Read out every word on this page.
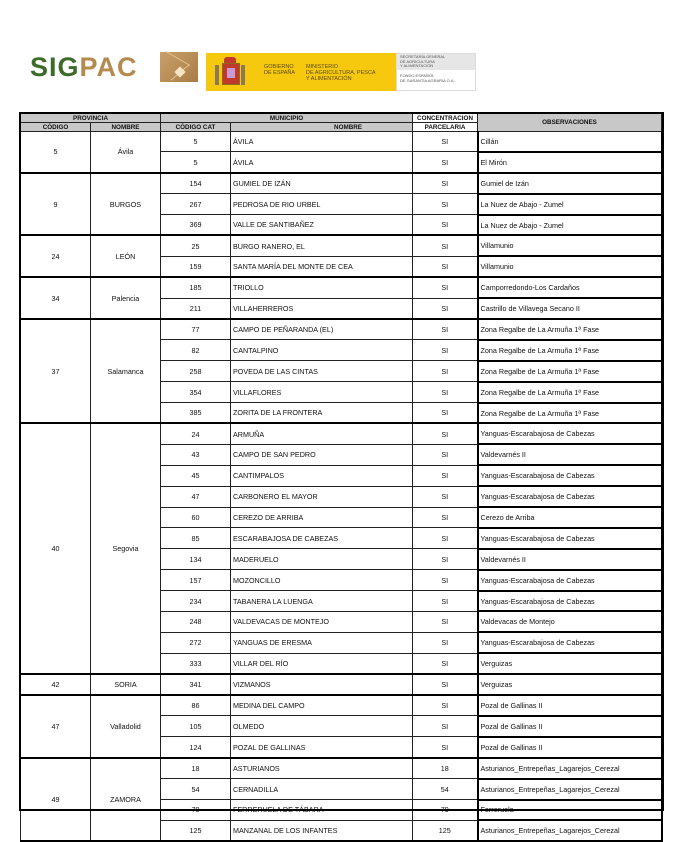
SIGPAC	GOBIERNO
DE ESPAÑA
MINISTERIO
DE AGRICULTURA, PESCA
Y ALIMENTACIÓN
SECRETARÍA GENERAL
DE AGRICULTURA
Y ALIMENTACIÓN
FONDO ESPAÑOL
DE GARANTÍA AGRARIA O.A.
PROVINCIA		MUNICIPIO		CONCENTRACION	OBSERVACIONES
CÓDIGO	NOMBRE	CÓDIGO CAT	NOMBRE	PARCELARIA	
5	Ávila	5	ÁVILA	SI	Cillán
		5	ÁVILA	SI	El Mirón
9	BURGOS	154	GUMIEL DE IZÁN	SI	Gumiel de Izán
		267	PEDROSA DE RIO URBEL	SI	La Nuez de Abajo - Zumel
		369	VALLE DE SANTIBAÑEZ	SI	La Nuez de Abajo - Zumel
24	LEÓN	25	BURGO RANERO, EL	SI	Villamunio
		159	SANTA MARÍA DEL MONTE DE CEA	SI	Villamunio
34	Palencia	185	TRIOLLO	SI	Camporredondo-Los Cardaños
		211	VILLAHERREROS	SI	Castrillo de Villavega Secano II
37	Salamanca	77	CAMPO DE PEÑARANDA (EL)	SI	Zona Regalbe de La Armuña 1ª Fase
		82	CANTALPINO	SI	Zona Regalbe de La Armuña 1ª Fase
		258	POVEDA DE LAS CINTAS	SI	Zona Regalbe de La Armuña 1ª Fase
		354	VILLAFLORES	SI	Zona Regalbe de La Armuña 1ª Fase
		385	ZORITA DE LA FRONTERA	SI	Zona Regalbe de La Armuña 1ª Fase
40	Segovia	24	ARMUÑA	SI	Yanguas-Escarabajosa de Cabezas
		43	CAMPO DE SAN PEDRO	SI	Valdevarnés II
		45	CANTIMPALOS	SI	Yanguas-Escarabajosa de Cabezas
		47	CARBONERO EL MAYOR	SI	Yanguas-Escarabajosa de Cabezas
		60	CEREZO DE ARRIBA	SI	Cerezo de Arriba
		85	ESCARABAJOSA DE CABEZAS	SI	Yanguas-Escarabajosa de Cabezas
		134	MADERUELO	SI	Valdevarnés II
		157	MOZONCILLO	SI	Yanguas-Escarabajosa de Cabezas
		234	TABANERA LA LUENGA	SI	Yanguas-Escarabajosa de Cabezas
		248	VALDEVACAS DE MONTEJO	SI	Valdevacas de Montejo
		272	YANGUAS DE ERESMA	SI	Yanguas-Escarabajosa de Cabezas
		333	VILLAR DEL RÍO	SI	Verguizas
42	SORIA	341	VIZMANOS	SI	Verguizas
47	Valladolid	86	MEDINA DEL CAMPO	SI	Pozal de Gallinas II
		105	OLMEDO	SI	Pozal de Gallinas II
		124	POZAL DE GALLINAS	SI	Pozal de Gallinas II
49	ZAMORA	18	ASTURIANOS	18	Asturianos_Entrepeñas_Lagarejos_Cerezal
		54	CERNADILLA	54	Asturianos_Entrepeñas_Lagarejos_Cerezal
		79	FERRERUELA DE TÁBARA	79	Ferreruela
		125	MANZANAL DE LOS INFANTES	125	Asturianos_Entrepeñas_Lagarejos_Cerezal
